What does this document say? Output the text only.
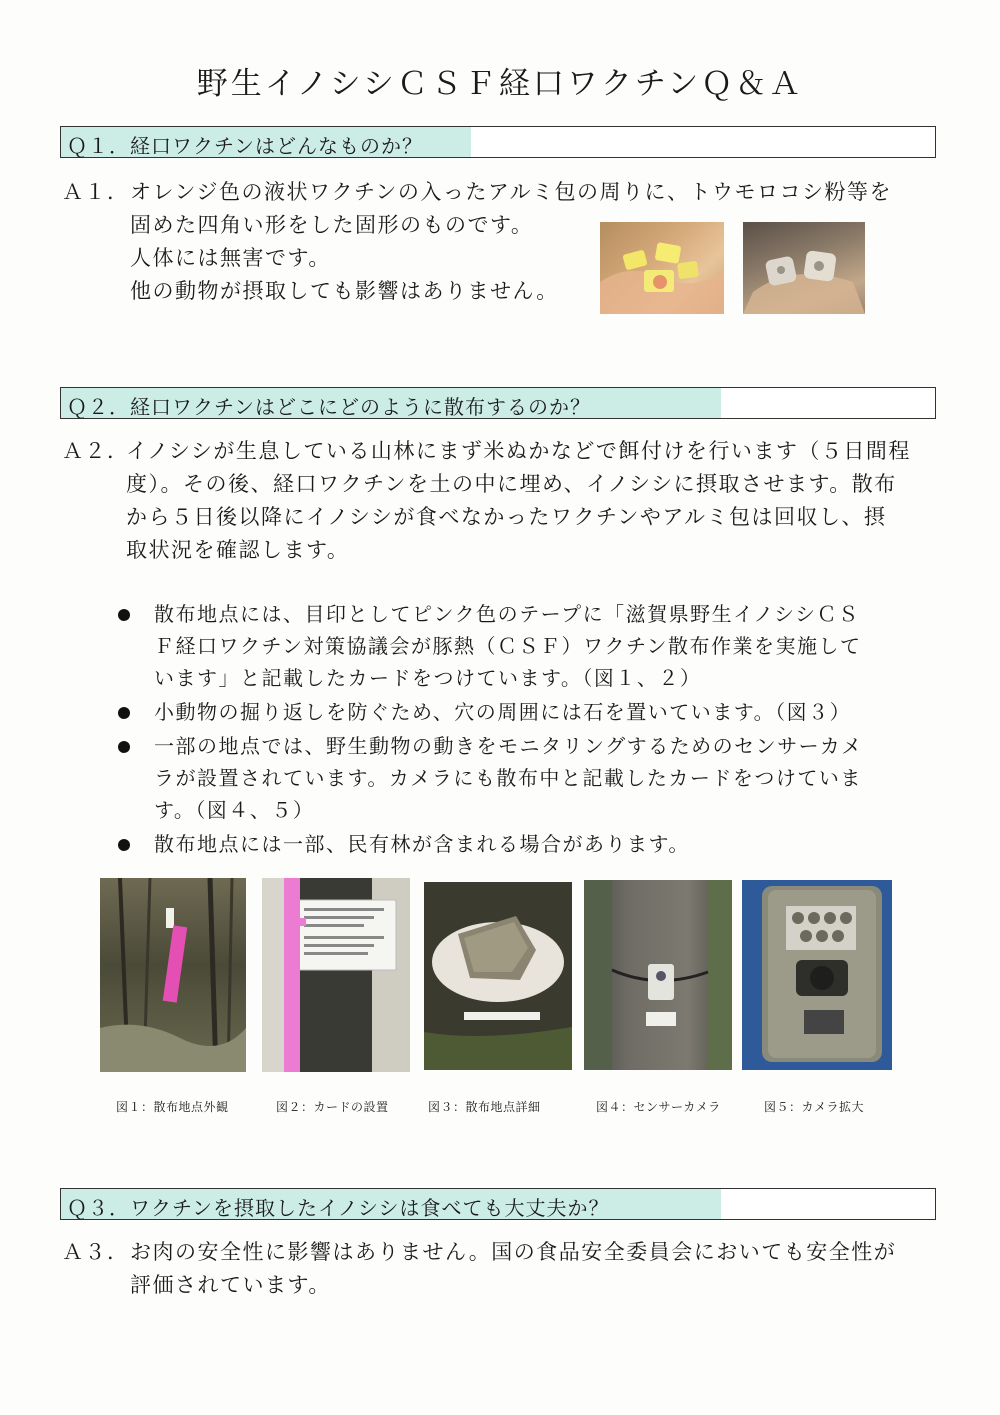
野生イノシシＣＳＦ経口ワクチンＱ＆Ａ
Ｑ１．経口ワクチンはどんなものか？
Ａ１． オレンジ色の液状ワクチンの入ったアルミ包の周りに、トウモロコシ粉等を
固めた四角い形をした固形のものです。
人体には無害です。
他の動物が摂取しても影響はありません。
Ｑ２．経口ワクチンはどこにどのように散布するのか？
Ａ２．
イノシシが生息している山林にまず米ぬかなどで餌付けを行います（５日間程
度）。その後、経口ワクチンを土の中に埋め、イノシシに摂取させます。散布
から５日後以降にイノシシが食べなかったワクチンやアルミ包は回収し、摂
取状況を確認します。
散布地点には、目印としてピンク色のテープに「滋賀県野生イノシシＣＳ
Ｆ経口ワクチン対策協議会が豚熱（ＣＳＦ）ワクチン散布作業を実施して
います」と記載したカードをつけています。（図１、２）
小動物の掘り返しを防ぐため、穴の周囲には石を置いています。（図３）
一部の地点では、野生動物の動きをモニタリングするためのセンサーカメ
ラが設置されています。カメラにも散布中と記載したカードをつけていま
す。（図４、５）
散布地点には一部、民有林が含まれる場合があります。
図１：散布地点外観	図２：カードの設置	図３：散布地点詳細	図４：センサーカメラ	図５：カメラ拡大
Ｑ３．ワクチンを摂取したイノシシは食べても大丈夫か？
Ａ３． お肉の安全性に影響はありません。国の食品安全委員会においても安全性が
評価されています。
